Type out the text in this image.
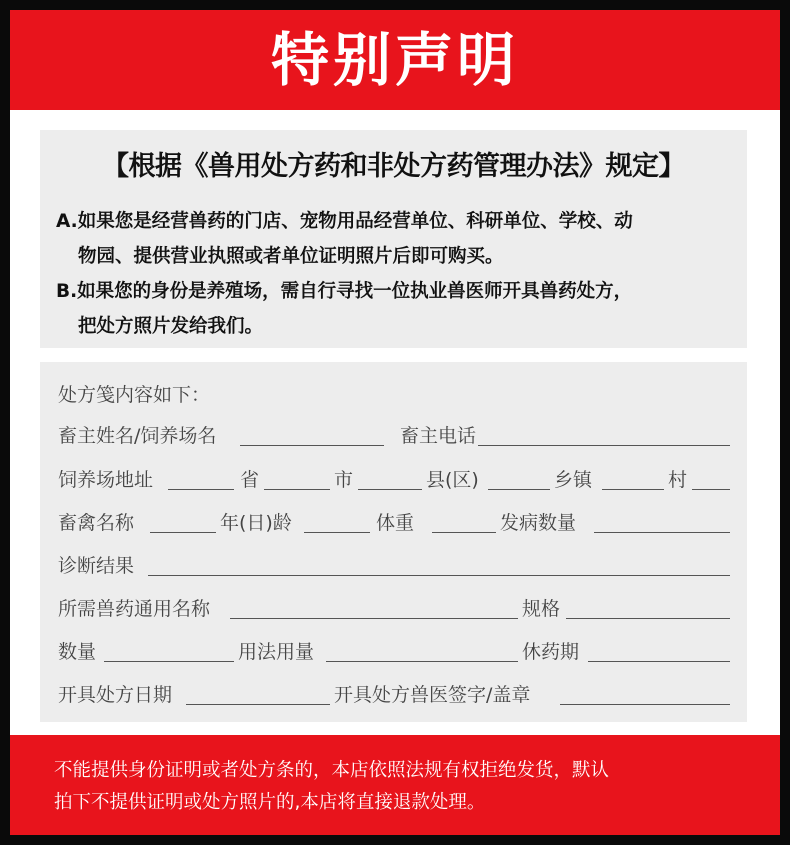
特别声明
【根据《兽用处方药和非处方药管理办法》规定】
A.如果您是经营兽药的门店、宠物用品经营单位、科研单位、学校、动
物园、提供营业执照或者单位证明照片后即可购买。
B.如果您的身份是养殖场，需自行寻找一位执业兽医师开具兽药处方，
把处方照片发给我们。
处方笺内容如下：
畜主姓名/饲养场名	畜主电话
饲养场地址	省	市	县(区)	乡镇	村
畜禽名称	年(日)龄	体重	发病数量
诊断结果
所需兽药通用名称	规格
数量	用法用量	休药期
开具处方日期	开具处方兽医签字/盖章
不能提供身份证明或者处方条的，本店依照法规有权拒绝发货，默认
拍下不提供证明或处方照片的,本店将直接退款处理。
